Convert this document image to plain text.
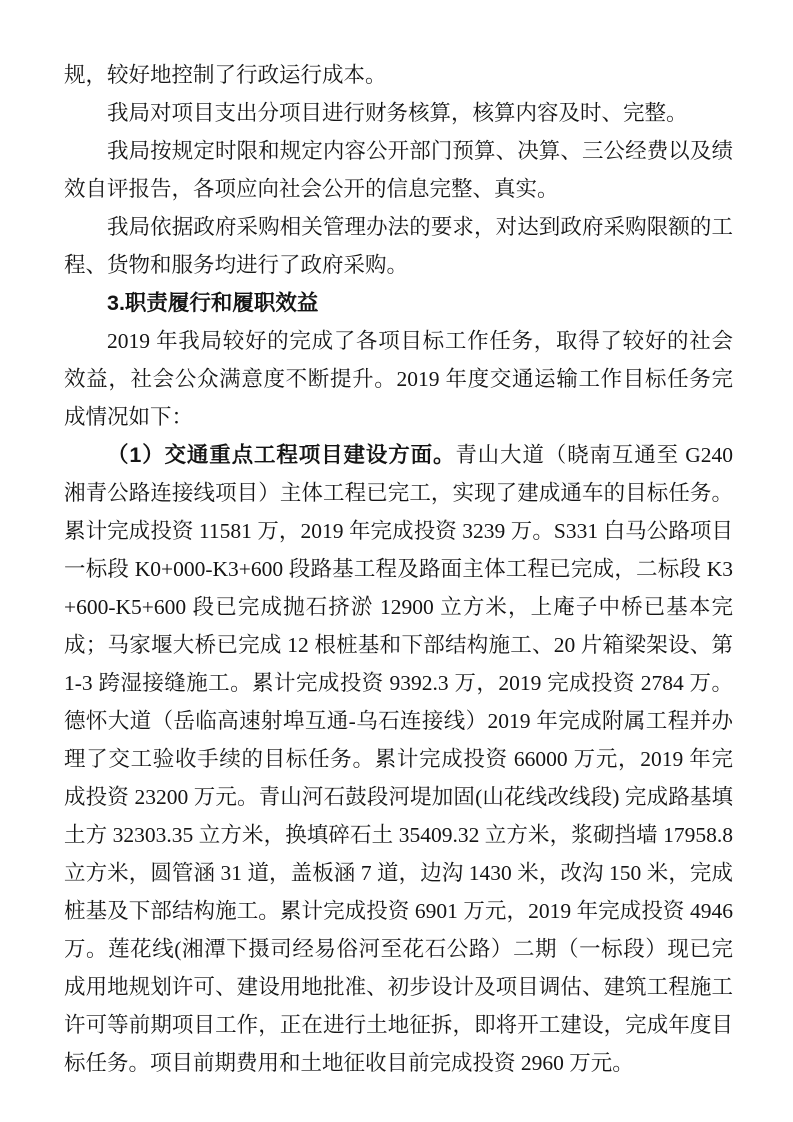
规，较好地控制了行政运行成本。

我局对项目支出分项目进行财务核算，核算内容及时、完整。

我局按规定时限和规定内容公开部门预算、决算、三公经费以及绩效自评报告，各项应向社会公开的信息完整、真实。

我局依据政府采购相关管理办法的要求，对达到政府采购限额的工程、货物和服务均进行了政府采购。

3.职责履行和履职效益

2019 年我局较好的完成了各项目标工作任务，取得了较好的社会效益，社会公众满意度不断提升。2019 年度交通运输工作目标任务完成情况如下：

（1）交通重点工程项目建设方面。青山大道（晓南互通至 G240 湘青公路连接线项目）主体工程已完工，实现了建成通车的目标任务。累计完成投资 11581 万，2019 年完成投资 3239 万。S331 白马公路项目一标段 K0+000-K3+600 段路基工程及路面主体工程已完成，二标段 K3+600-K5+600 段已完成抛石挤淤 12900 立方米，上庵子中桥已基本完成；马家堰大桥已完成 12 根桩基和下部结构施工、20 片箱梁架设、第 1-3 跨湿接缝施工。累计完成投资 9392.3 万，2019 完成投资 2784 万。德怀大道（岳临高速射埠互通-乌石连接线）2019 年完成附属工程并办理了交工验收手续的目标任务。累计完成投资 66000 万元，2019 年完成投资 23200 万元。青山河石鼓段河堤加固(山花线改线段) 完成路基填土方 32303.35 立方米，换填碎石土 35409.32 立方米，浆砌挡墙 17958.8 立方米，圆管涵 31 道，盖板涵 7 道，边沟 1430 米，改沟 150 米，完成桩基及下部结构施工。累计完成投资 6901 万元，2019 年完成投资 4946 万。莲花线(湘潭下摄司经易俗河至花石公路）二期（一标段）现已完成用地规划许可、建设用地批准、初步设计及项目调估、建筑工程施工许可等前期项目工作，正在进行土地征拆，即将开工建设，完成年度目标任务。项目前期费用和土地征收目前完成投资 2960 万元。
